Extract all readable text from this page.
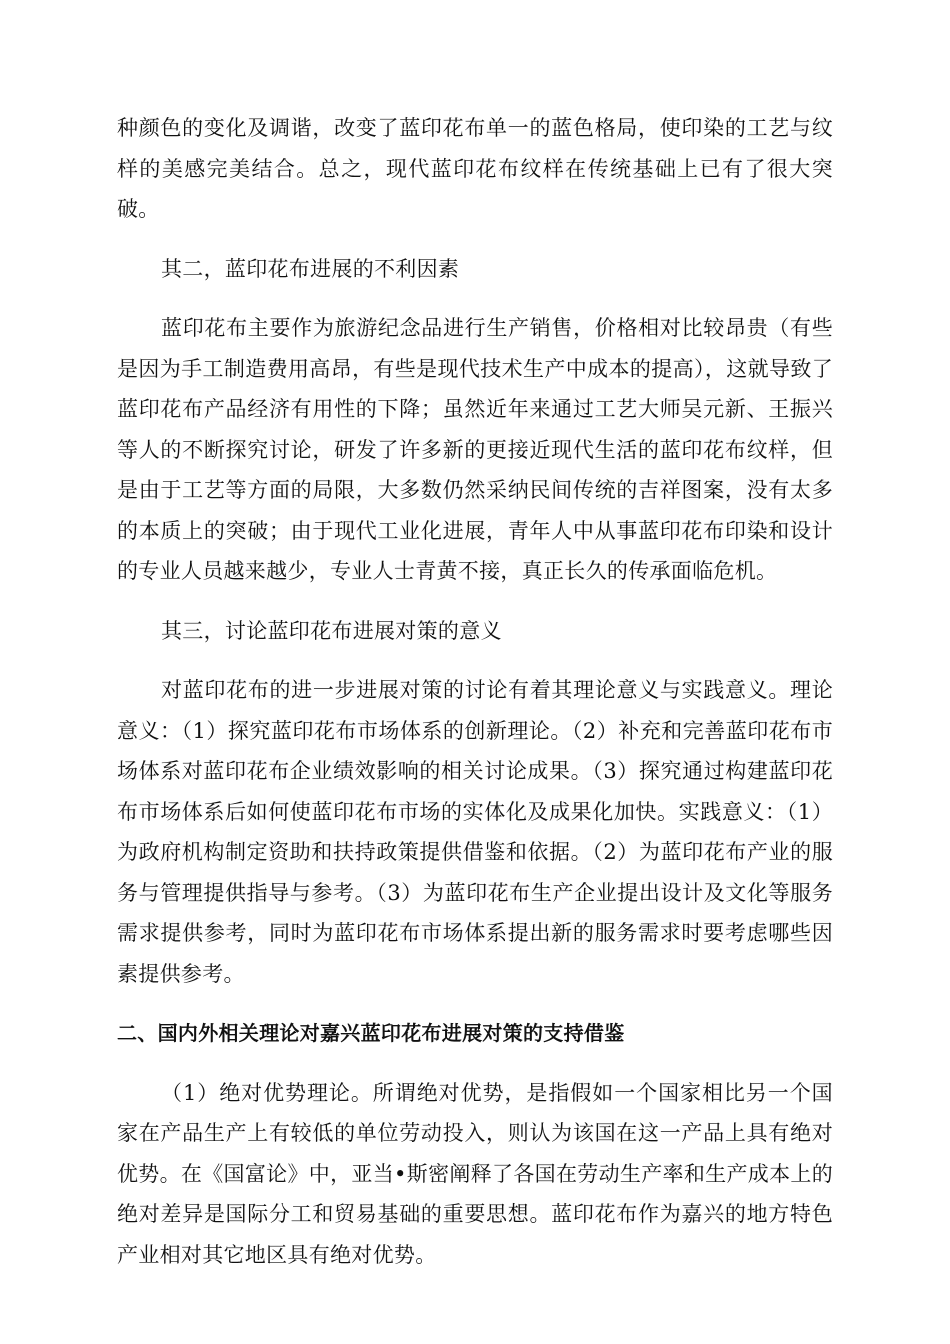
种颜色的变化及调谐，改变了蓝印花布单一的蓝色格局，使印染的工艺与纹样的美感完美结合。总之，现代蓝印花布纹样在传统基础上已有了很大突破。

其二，蓝印花布进展的不利因素

蓝印花布主要作为旅游纪念品进行生产销售，价格相对比较昂贵（有些是因为手工制造费用高昂，有些是现代技术生产中成本的提高），这就导致了蓝印花布产品经济有用性的下降；虽然近年来通过工艺大师吴元新、王振兴等人的不断探究讨论，研发了许多新的更接近现代生活的蓝印花布纹样，但是由于工艺等方面的局限，大多数仍然采纳民间传统的吉祥图案，没有太多的本质上的突破；由于现代工业化进展，青年人中从事蓝印花布印染和设计的专业人员越来越少，专业人士青黄不接，真正长久的传承面临危机。

其三，讨论蓝印花布进展对策的意义

对蓝印花布的进一步进展对策的讨论有着其理论意义与实践意义。理论意义：（1）探究蓝印花布市场体系的创新理论。（2）补充和完善蓝印花布市场体系对蓝印花布企业绩效影响的相关讨论成果。（3）探究通过构建蓝印花布市场体系后如何使蓝印花布市场的实体化及成果化加快。实践意义：（1）为政府机构制定资助和扶持政策提供借鉴和依据。（2）为蓝印花布产业的服务与管理提供指导与参考。（3）为蓝印花布生产企业提出设计及文化等服务需求提供参考，同时为蓝印花布市场体系提出新的服务需求时要考虑哪些因素提供参考。

二、国内外相关理论对嘉兴蓝印花布进展对策的支持借鉴

（1）绝对优势理论。所谓绝对优势，是指假如一个国家相比另一个国家在产品生产上有较低的单位劳动投入，则认为该国在这一产品上具有绝对优势。在《国富论》中，亚当•斯密阐释了各国在劳动生产率和生产成本上的绝对差异是国际分工和贸易基础的重要思想。蓝印花布作为嘉兴的地方特色产业相对其它地区具有绝对优势。
